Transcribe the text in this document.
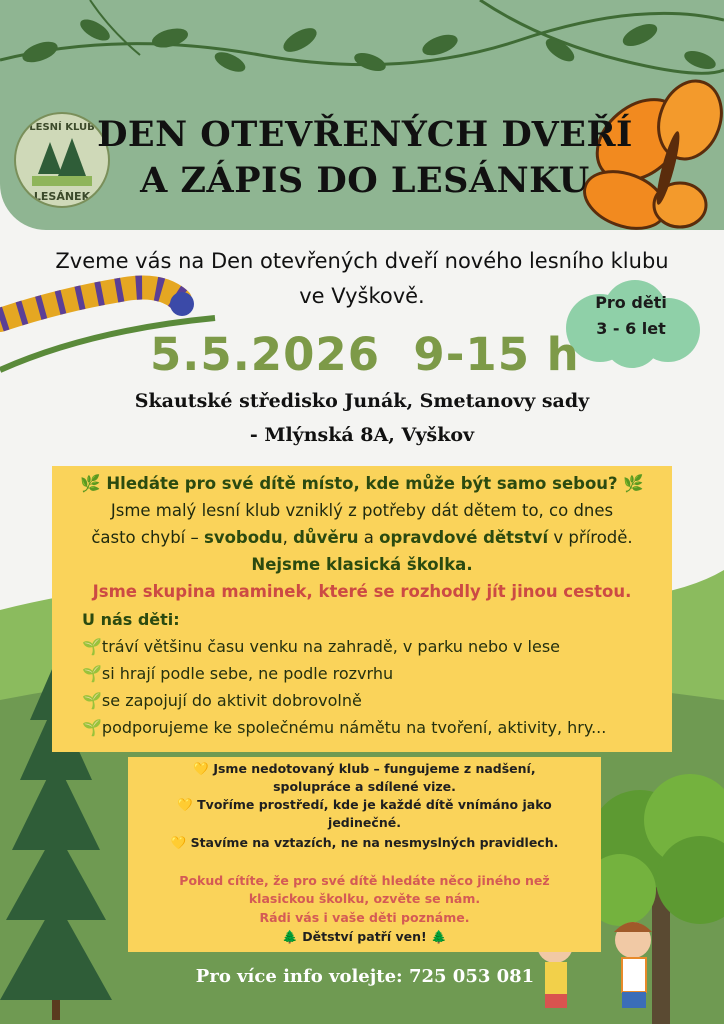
LESNÍ KLUB
LESÁNEK
DEN OTEVŘENÝCH DVEŘÍ
A ZÁPIS DO LESÁNKU
Zveme vás na Den otevřených dveří nového lesního klubu
ve Vyškově.	Pro děti
3 - 6 let
5.5.2026 9-15 h
Skautské středisko Junák, Smetanovy sady
- Mlýnská 8A, Vyškov
🌿 Hledáte pro své dítě místo, kde může být samo sebou? 🌿
Jsme malý lesní klub vzniklý z potřeby dát dětem to, co dnes
často chybí – svobodu, důvěru a opravdové dětství v přírodě.
Nejsme klasická školka.
Jsme skupina maminek, které se rozhodly jít jinou cestou.
U nás děti:
🌱tráví většinu času venku na zahradě, v parku nebo v lese
🌱si hrají podle sebe, ne podle rozvrhu
🌱se zapojují do aktivit dobrovolně
🌱podporujeme ke společnému námětu na tvoření, aktivity, hry...
💛 Jsme nedotovaný klub – fungujeme z nadšení,
spolupráce a sdílené vize.
💛 Tvoříme prostředí, kde je každé dítě vnímáno jako
jedinečné.
💛 Stavíme na vztazích, ne na nesmyslných pravidlech.
Pokud cítíte, že pro své dítě hledáte něco jiného než
klasickou školku, ozvěte se nám.
Rádi vás i vaše děti poznáme.
🌲 Dětství patří ven! 🌲
Pro více info volejte: 725 053 081
